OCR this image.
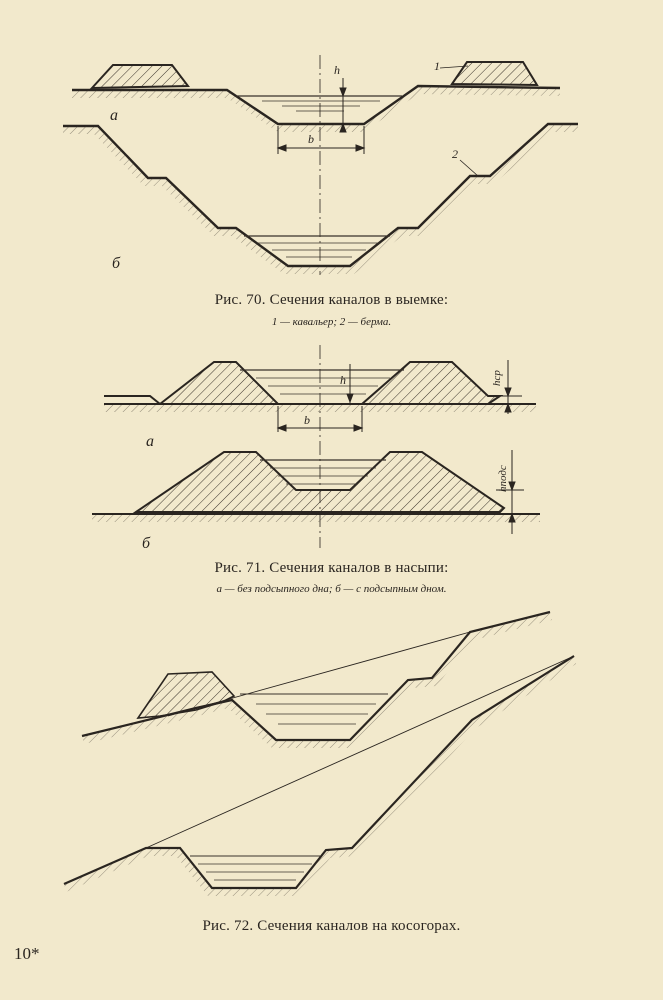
h
b
1
а
2
б
Рис. 70. Сечения каналов в выемке:
1 — кавальер; 2 — берма.
h
b
hср
а
hподс
б
Рис. 71. Сечения каналов в насыпи:
а — без подсыпного дна; б — с подсыпным дном.
Рис. 72. Сечения каналов на косогорах.
10*
